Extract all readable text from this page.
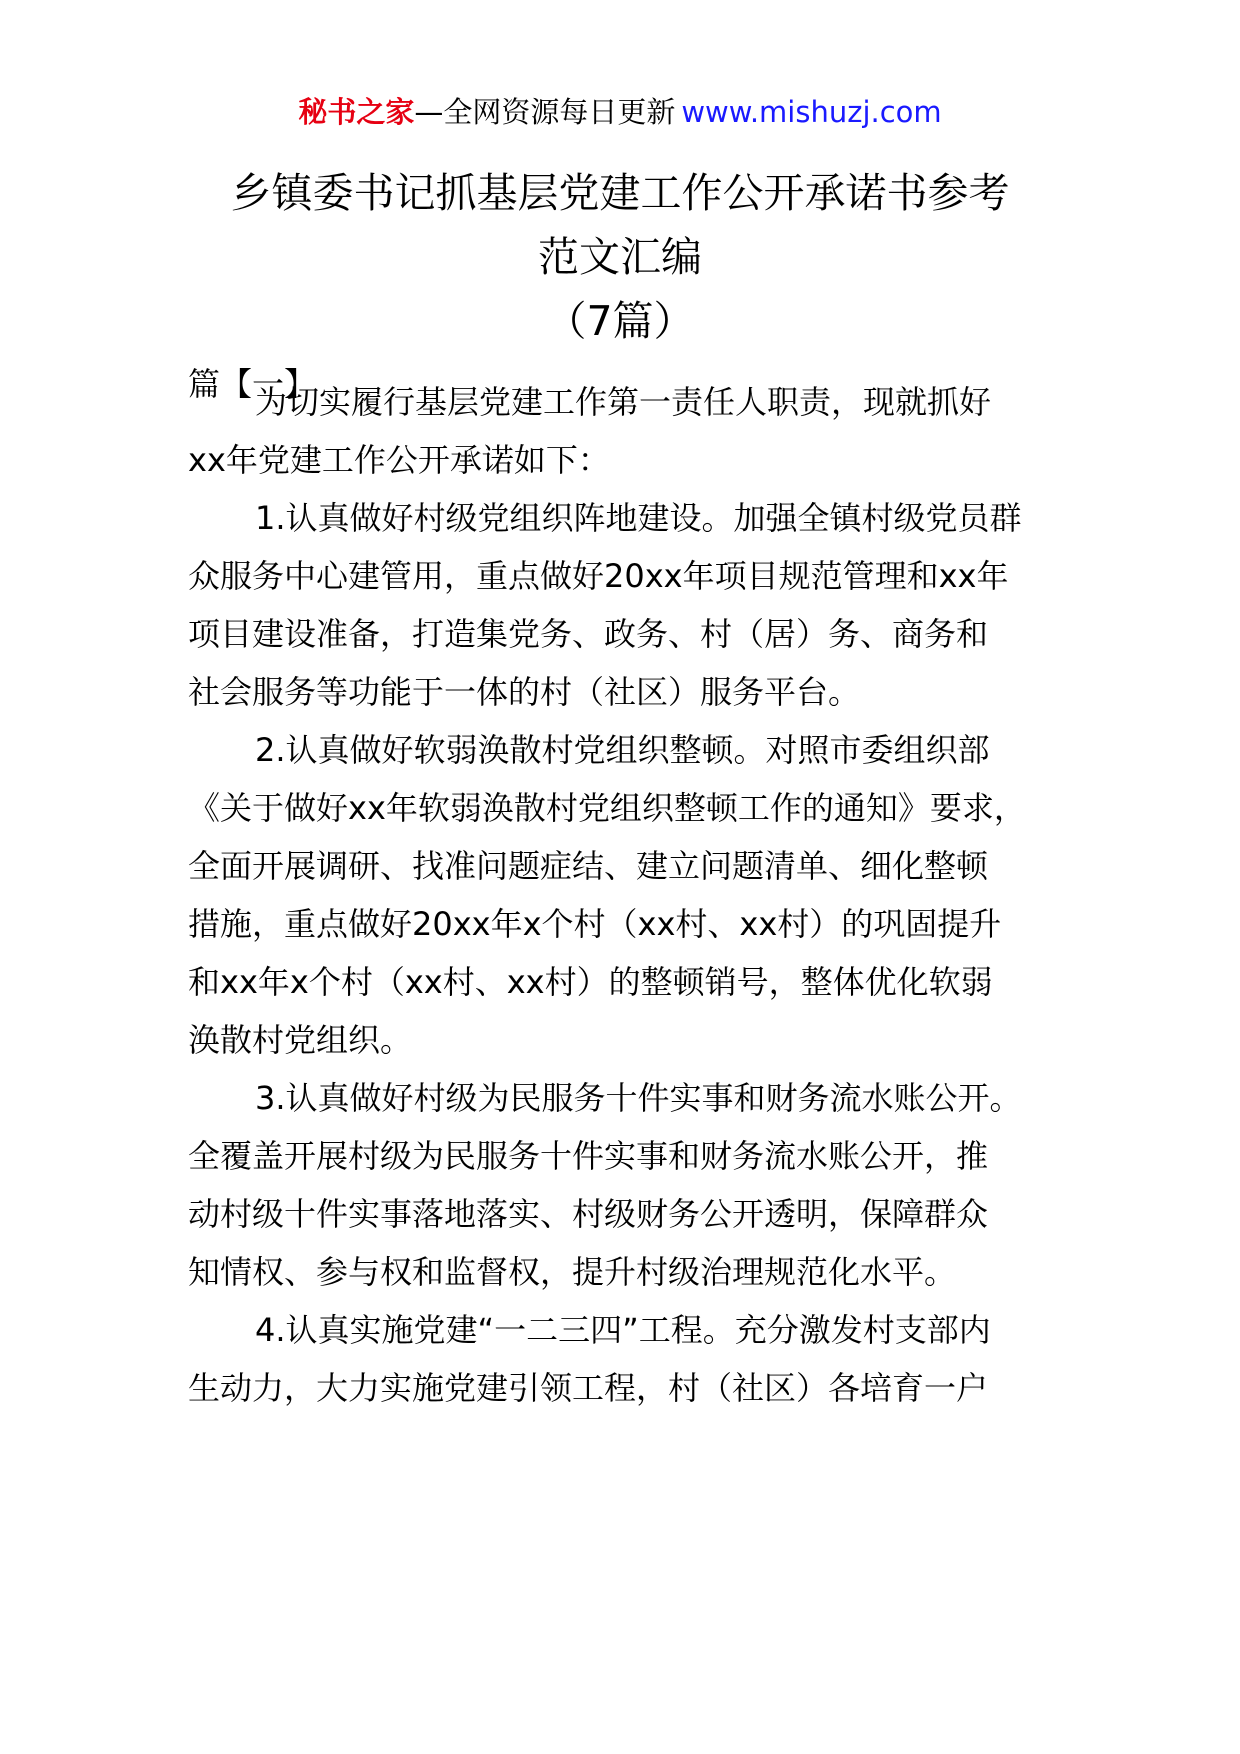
秘书之家—全网资源每日更新 www.mishuzj.com
乡镇委书记抓基层党建工作公开承诺书参考
范文汇编
（7篇）
篇【一】
为切实履行基层党建工作第一责任人职责，现就抓好
xx年党建工作公开承诺如下：
1.认真做好村级党组织阵地建设。加强全镇村级党员群
众服务中心建管用，重点做好20xx年项目规范管理和xx年
项目建设准备，打造集党务、政务、村（居）务、商务和
社会服务等功能于一体的村（社区）服务平台。
2.认真做好软弱涣散村党组织整顿。对照市委组织部
《关于做好xx年软弱涣散村党组织整顿工作的通知》要求，
全面开展调研、找准问题症结、建立问题清单、细化整顿
措施，重点做好20xx年x个村（xx村、xx村）的巩固提升
和xx年x个村（xx村、xx村）的整顿销号，整体优化软弱
涣散村党组织。
3.认真做好村级为民服务十件实事和财务流水账公开。
全覆盖开展村级为民服务十件实事和财务流水账公开，推
动村级十件实事落地落实、村级财务公开透明，保障群众
知情权、参与权和监督权，提升村级治理规范化水平。
4.认真实施党建“一二三四”工程。充分激发村支部内
生动力，大力实施党建引领工程，村（社区）各培育一户
